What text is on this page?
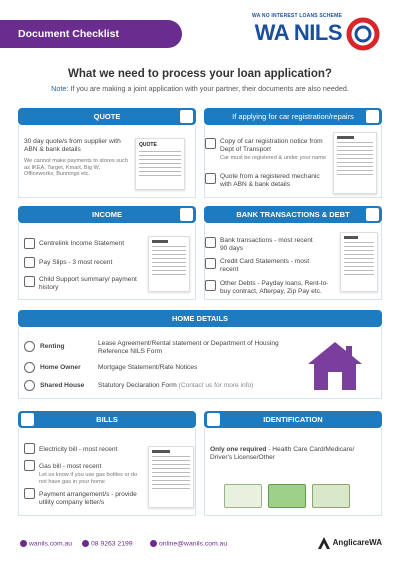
Document Checklist
WA NO INTEREST LOANS SCHEME
WA NILS
What we need to process your loan application?
Note: If you are making a joint application with your partner, their documents are also needed.
QUOTE
30 day quote/s from supplier with ABN & bank details
We cannot make payments to stores such as IKEA, Target, Kmart, Big W, Officeworks, Bunnings etc.
QUOTE
If applying for car registration/repairs
Copy of car registration notice from Dept of Transport
Car must be registered & under your name
Quote from a registered mechanic with ABN & bank details
INCOME
Centrelink Income Statement
Pay Slips - 3 most recent
Child Support summary/ payment history
BANK TRANSACTIONS & DEBT
Bank transactions - most recent 90 days
Credit Card Statements - most recent
Other Debts - Payday loans, Rent-to-buy contract, Afterpay, Zip Pay etc.
HOME DETAILS
Renting	Lease Agreement/Rental statement or Department of Housing Reference NILS Form
Home Owner	Mortgage Statement/Rate Notices
Shared House Statutory Declaration Form (Contact us for more info)
BILLS
Electricity bill - most recent
Gas bill - most recent
Let us know if you use gas bottles or do not have gas in your home
Payment arrangement/s - provide utility company letter/s
IDENTIFICATION
Only one required - Health Care Card/Medicare/ Driver's License/Other
wanils.com.au	08 9263 2199	online@wanils.com.au	AnglicareWA
